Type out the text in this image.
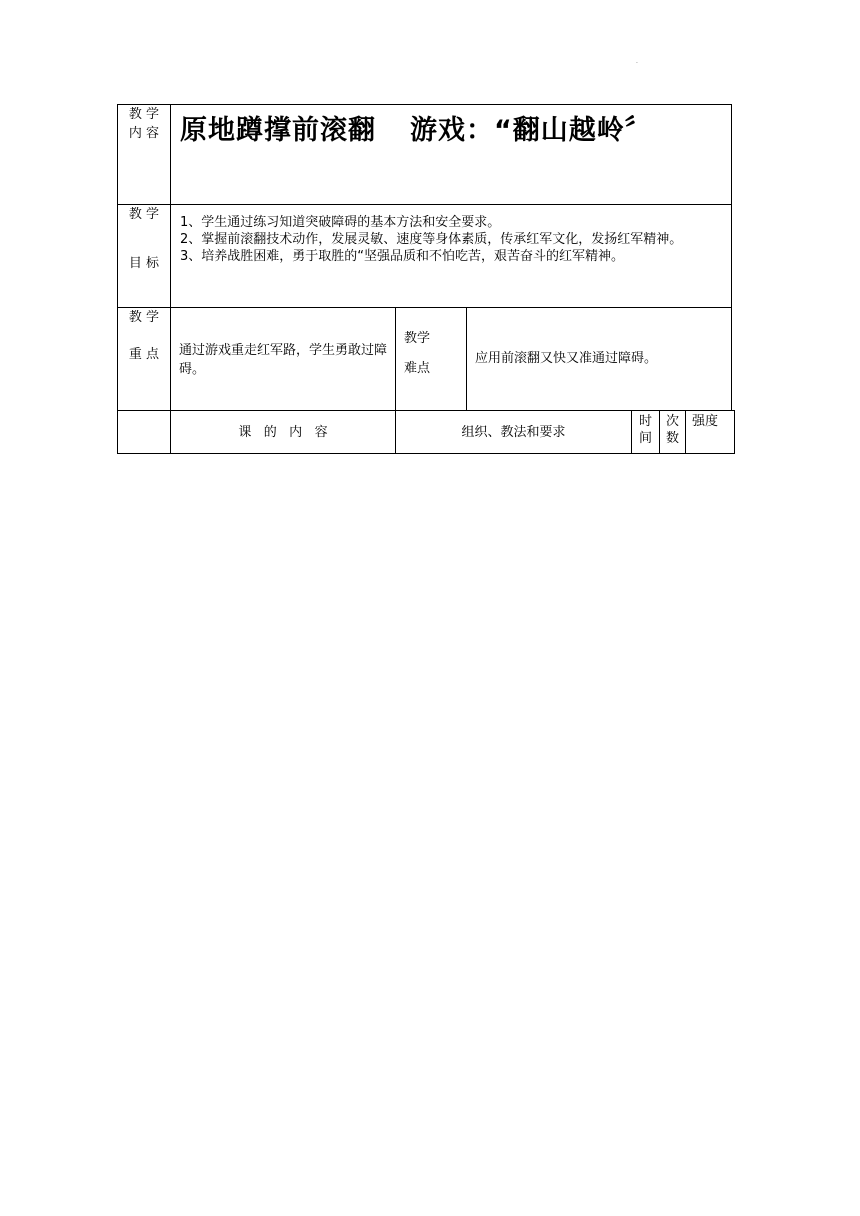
.
教 学
内 容 原地蹲撑前滚翻 游戏：“翻山越岭〞
教 学
目 标

1、学生通过练习知道突破障碍的基本方法和安全要求。

2、掌握前滚翻技术动作，发展灵敏、速度等身体素质，传承红军文化，发扬红军精神。

3、培养战胜困难，勇于取胜的“坚强品质和不怕吃苦，艰苦奋斗的红军精神。

教 学
重 点	通过游戏重走红军路，学生勇敢过障碍。
教学
难点
应用前滚翻又快又准通过障碍。
课   的   内   容	组织、教法和要求
时
间
次
数
强度
